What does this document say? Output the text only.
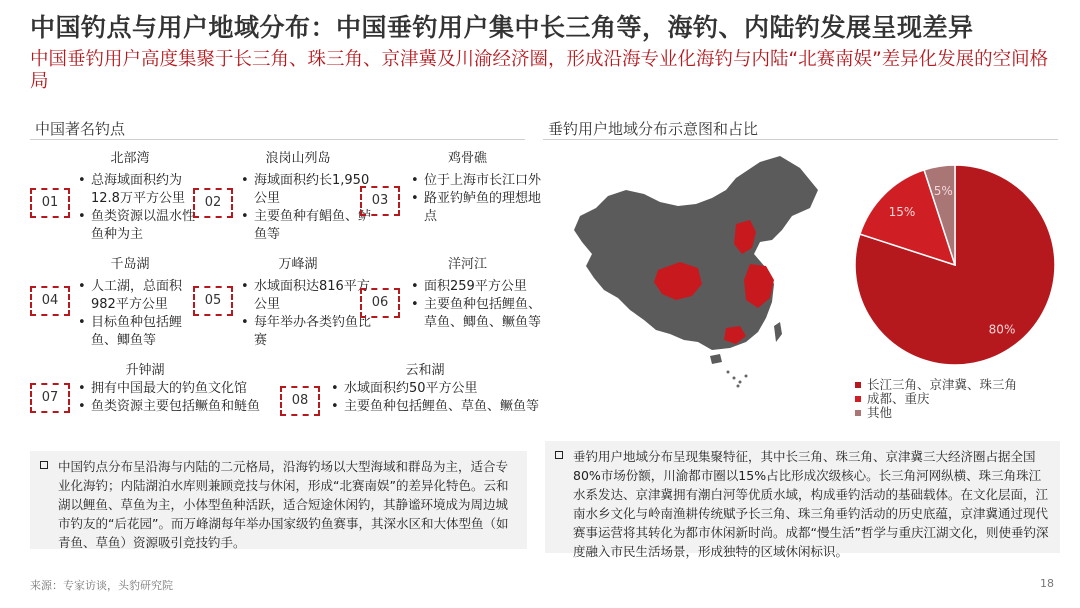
中国钓点与用户地域分布：中国垂钓用户集中长三角等，海钓、内陆钓发展呈现差异
中国垂钓用户高度集聚于长三角、珠三角、京津冀及川渝经济圈，形成沿海专业化海钓与内陆“北赛南娱”差异化发展的空间格局
中国著名钓点	垂钓用户地域分布示意图和占比
北部湾
01
• 总海域面积约为12.8万平方公里
• 鱼类资源以温水性鱼种为主
浪岗山列岛
02
• 海域面积约长1,950公里
• 主要鱼种有鲳鱼、鲈鱼等
鸡骨礁
03
• 位于上海市长江口外
• 路亚钓鲈鱼的理想地点
千岛湖
04
• 人工湖，总面积982平方公里
• 目标鱼种包括鲤鱼、鲫鱼等
万峰湖
05
• 水域面积达816平方公里
• 每年举办各类钓鱼比赛
洋河江
06
• 面积259平方公里
• 主要鱼种包括鲤鱼、草鱼、鲫鱼、鳜鱼等
升钟湖
07
• 拥有中国最大的钓鱼文化馆
• 鱼类资源主要包括鳜鱼和鲢鱼
云和湖
08
• 水域面积约50平方公里
• 主要鱼种包括鲤鱼、草鱼、鳜鱼等
中国钓点分布呈沿海与内陆的二元格局，沿海钓场以大型海域和群岛为主，适合专业化海钓；内陆湖泊水库则兼顾竞技与休闲，形成“北赛南娱”的差异化特色。云和湖以鲤鱼、草鱼为主，小体型鱼种活跃，适合短途休闲钓，其静谧环境成为周边城市钓友的“后花园”。而万峰湖每年举办国家级钓鱼赛事，其深水区和大体型鱼（如青鱼、草鱼）资源吸引竞技钓手。
80%
15%
5%
长江三角、京津冀、珠三角
成都、重庆
其他
垂钓用户地域分布呈现集聚特征，其中长三角、珠三角、京津冀三大经济圈占据全国80%市场份额，川渝都市圈以15%占比形成次级核心。长三角河网纵横、珠三角珠江水系发达、京津冀拥有潮白河等优质水域，构成垂钓活动的基础载体。在文化层面，江南水乡文化与岭南渔耕传统赋予长三角、珠三角垂钓活动的历史底蕴，京津冀通过现代赛事运营将其转化为都市休闲新时尚。成都“慢生活”哲学与重庆江湖文化，则使垂钓深度融入市民生活场景，形成独特的区域休闲标识。
来源：专家访谈，头豹研究院	18
